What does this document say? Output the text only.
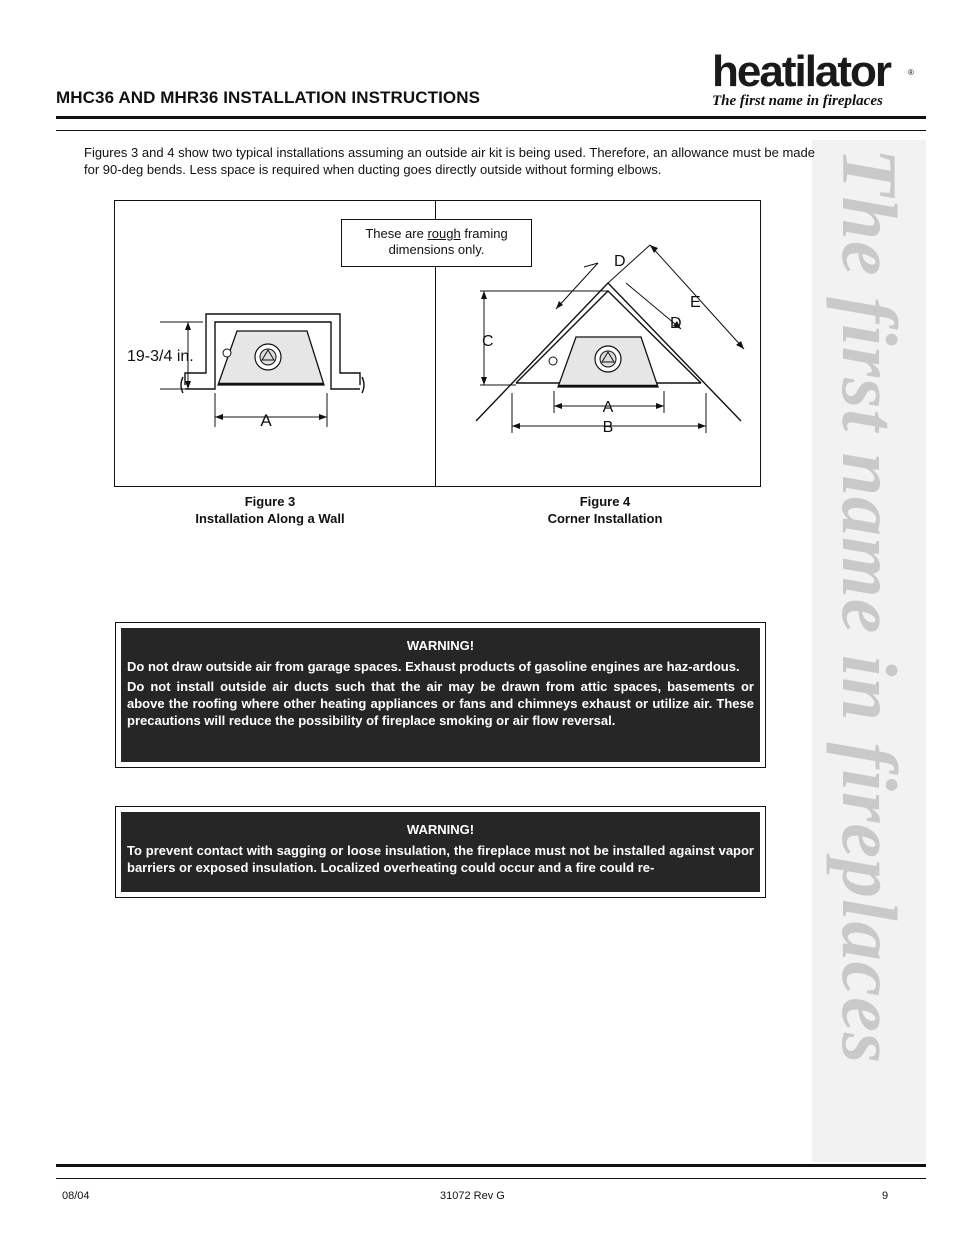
MHC36 AND MHR36 INSTALLATION INSTRUCTIONS
heatilator ®
The first name in fireplaces
The first name in fireplaces
Figures 3 and 4 show two typical installations assuming an outside air kit is being used. Therefore, an allowance must be made for 90-deg bends. Less space is required when ducting goes directly outside without forming elbows.
19-3/4 in.
A
C
A
B
D
D
E
These are rough framing dimensions only.
Figure 3
Installation Along a Wall
Figure 4
Corner Installation
WARNING!
Do not draw outside air from garage spaces. Exhaust products of gasoline engines are haz-ardous.
Do not install outside air ducts such that the air may be drawn from attic spaces, basements or above the roofing where other heating appliances or fans and chimneys exhaust or utilize air. These precautions will reduce the possibility of fireplace smoking or air flow reversal.
WARNING!
To prevent contact with sagging or loose insulation, the fireplace must not be installed against vapor barriers or exposed insulation. Localized overheating could occur and a fire could re-
08/04	31072 Rev G	9
